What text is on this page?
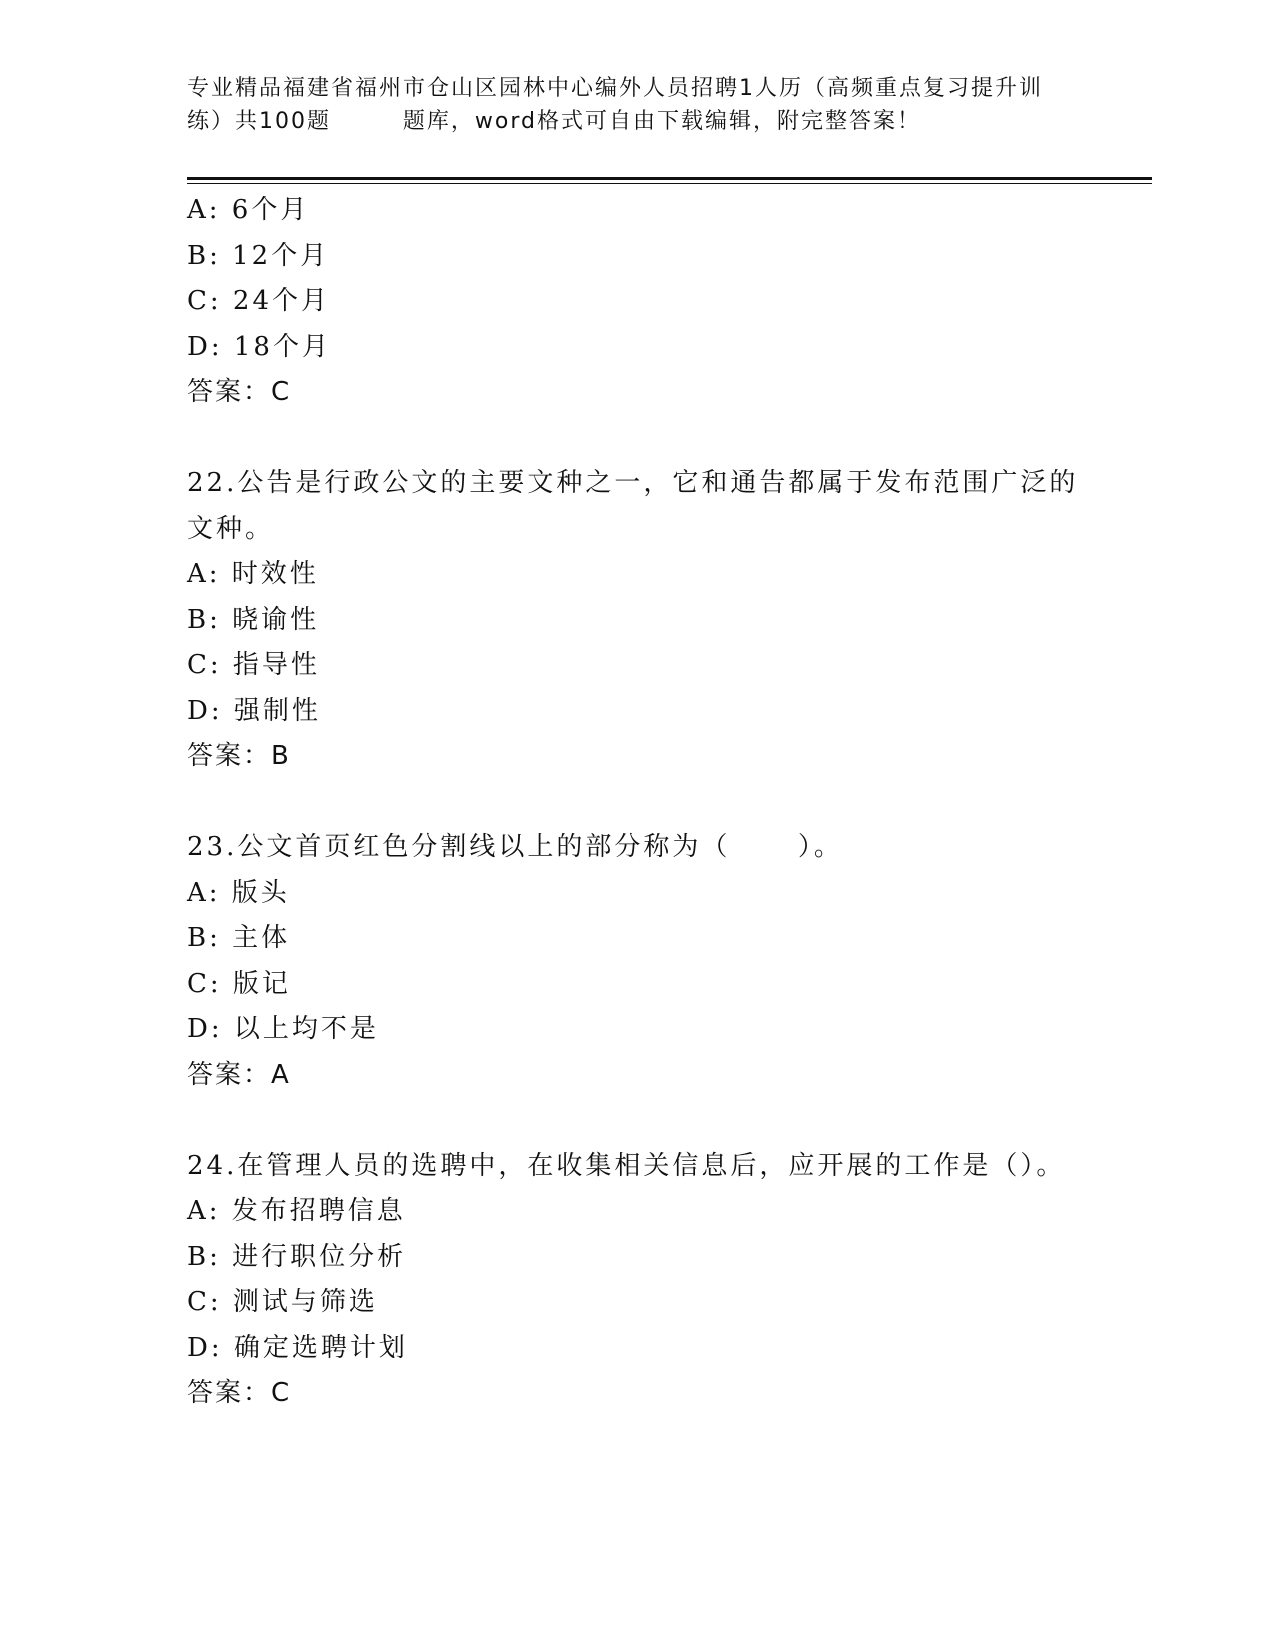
专业精品福建省福州市仓山区园林中心编外人员招聘1人历（高频重点复习提升训
练）共100题        题库，word格式可自由下载编辑，附完整答案！
A: 6个月
B: 12个月
C: 24个月
D: 18个月
答案：C
22.公告是行政公文的主要文种之一，它和通告都属于发布范围广泛的
文种。
A: 时效性
B: 晓谕性
C: 指导性
D: 强制性
答案：B
23.公文首页红色分割线以上的部分称为（      ）。
A: 版头
B: 主体
C: 版记
D: 以上均不是
答案：A
24.在管理人员的选聘中，在收集相关信息后，应开展的工作是（）。
A: 发布招聘信息
B: 进行职位分析
C: 测试与筛选
D: 确定选聘计划
答案：C
